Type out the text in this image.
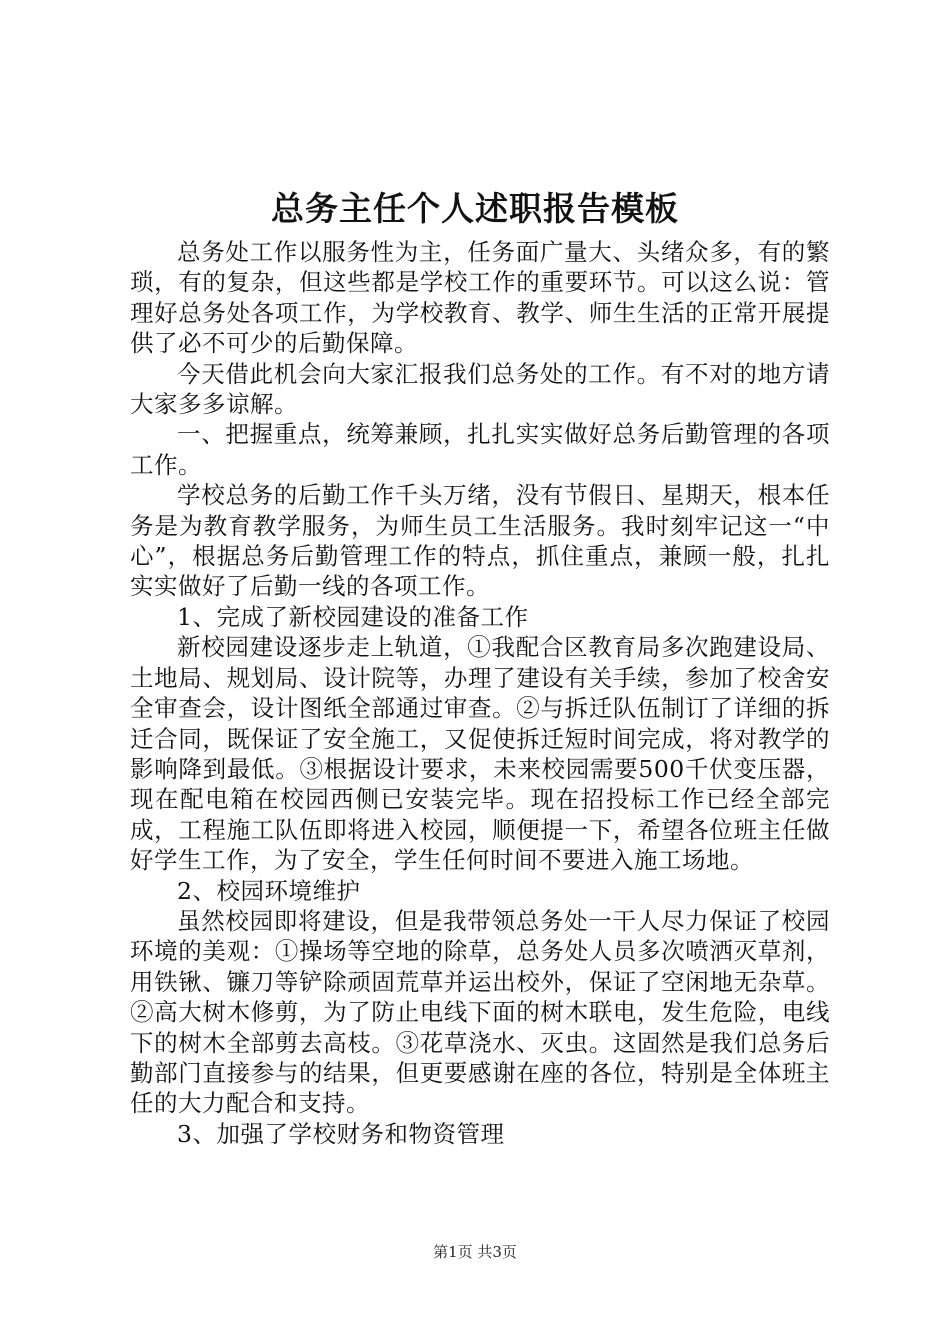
总务主任个人述职报告模板

总务处工作以服务性为主，任务面广量大、头绪众多，有的繁琐，有的复杂，但这些都是学校工作的重要环节。可以这么说：管理好总务处各项工作，为学校教育、教学、师生生活的正常开展提供了必不可少的后勤保障。

今天借此机会向大家汇报我们总务处的工作。有不对的地方请大家多多谅解。

一、把握重点，统筹兼顾，扎扎实实做好总务后勤管理的各项工作。

学校总务的后勤工作千头万绪，没有节假日、星期天，根本任务是为教育教学服务，为师生员工生活服务。我时刻牢记这一“中心”，根据总务后勤管理工作的特点，抓住重点，兼顾一般，扎扎实实做好了后勤一线的各项工作。

1、完成了新校园建设的准备工作

新校园建设逐步走上轨道，①我配合区教育局多次跑建设局、土地局、规划局、设计院等，办理了建设有关手续，参加了校舍安全审查会，设计图纸全部通过审查。②与拆迁队伍制订了详细的拆迁合同，既保证了安全施工，又促使拆迁短时间完成，将对教学的影响降到最低。③根据设计要求，未来校园需要500千伏变压器，现在配电箱在校园西侧已安装完毕。现在招投标工作已经全部完成，工程施工队伍即将进入校园，顺便提一下，希望各位班主任做好学生工作，为了安全，学生任何时间不要进入施工场地。

2、校园环境维护

虽然校园即将建设，但是我带领总务处一干人尽力保证了校园环境的美观：①操场等空地的除草，总务处人员多次喷洒灭草剂，用铁锹、镰刀等铲除顽固荒草并运出校外，保证了空闲地无杂草。②高大树木修剪，为了防止电线下面的树木联电，发生危险，电线下的树木全部剪去高枝。③花草浇水、灭虫。这固然是我们总务后勤部门直接参与的结果，但更要感谢在座的各位，特别是全体班主任的大力配合和支持。

3、加强了学校财务和物资管理

第1页 共3页
